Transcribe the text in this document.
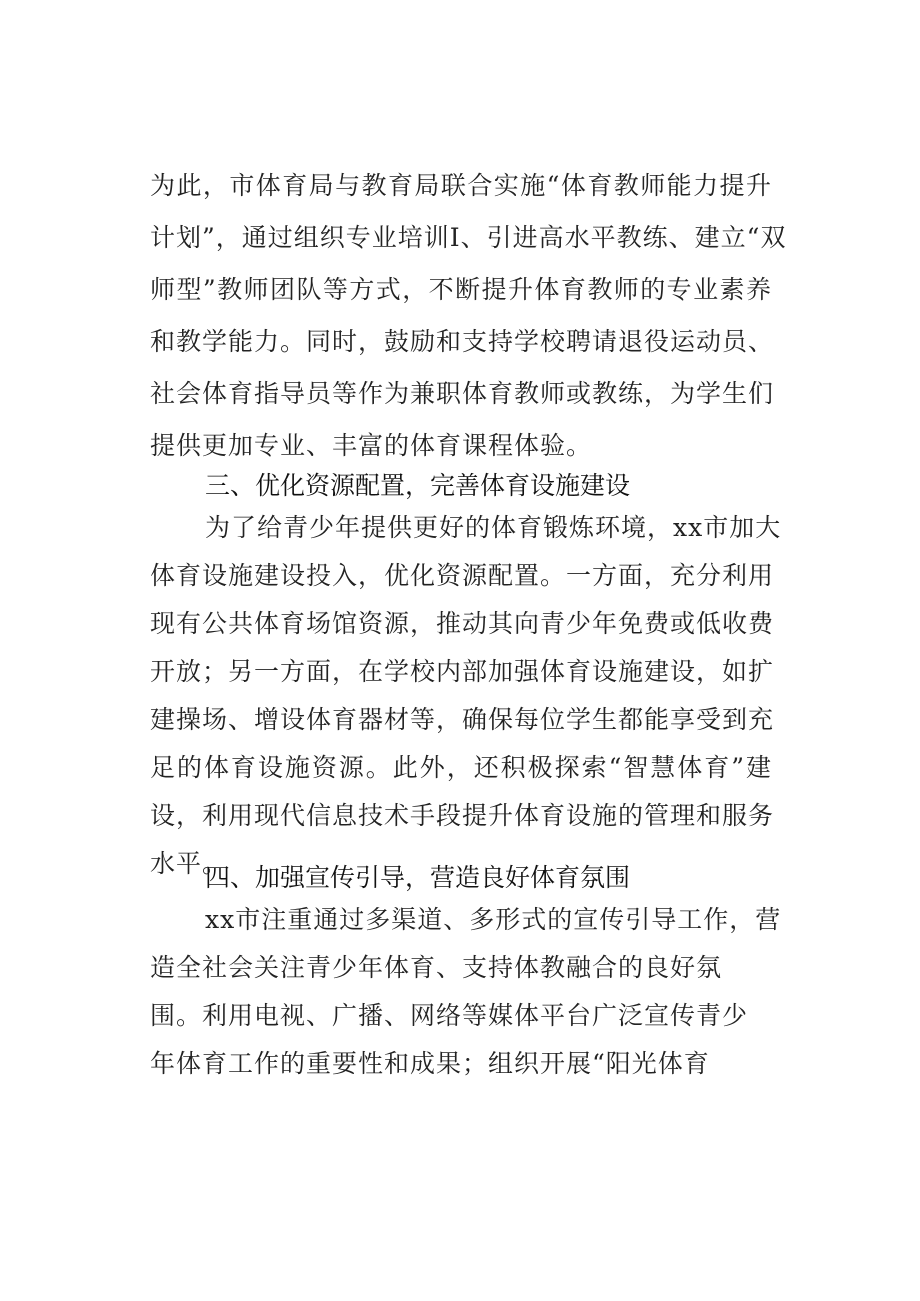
为此，市体育局与教育局联合实施“体育教师能力提升
计划”，通过组织专业培训I、引进高水平教练、建立“双
师型”教师团队等方式，不断提升体育教师的专业素养
和教学能力。同时，鼓励和支持学校聘请退役运动员、
社会体育指导员等作为兼职体育教师或教练，为学生们
提供更加专业、丰富的体育课程体验。
三、优化资源配置，完善体育设施建设
为了给青少年提供更好的体育锻炼环境，xx市加大
体育设施建设投入，优化资源配置。一方面，充分利用
现有公共体育场馆资源，推动其向青少年免费或低收费
开放；另一方面，在学校内部加强体育设施建设，如扩
建操场、增设体育器材等，确保每位学生都能享受到充
足的体育设施资源。此外，还积极探索“智慧体育”建
设，利用现代信息技术手段提升体育设施的管理和服务
水平。
四、加强宣传引导，营造良好体育氛围
xx市注重通过多渠道、多形式的宣传引导工作，营
造全社会关注青少年体育、支持体教融合的良好氛
围。利用电视、广播、网络等媒体平台广泛宣传青少
年体育工作的重要性和成果；组织开展“阳光体育
